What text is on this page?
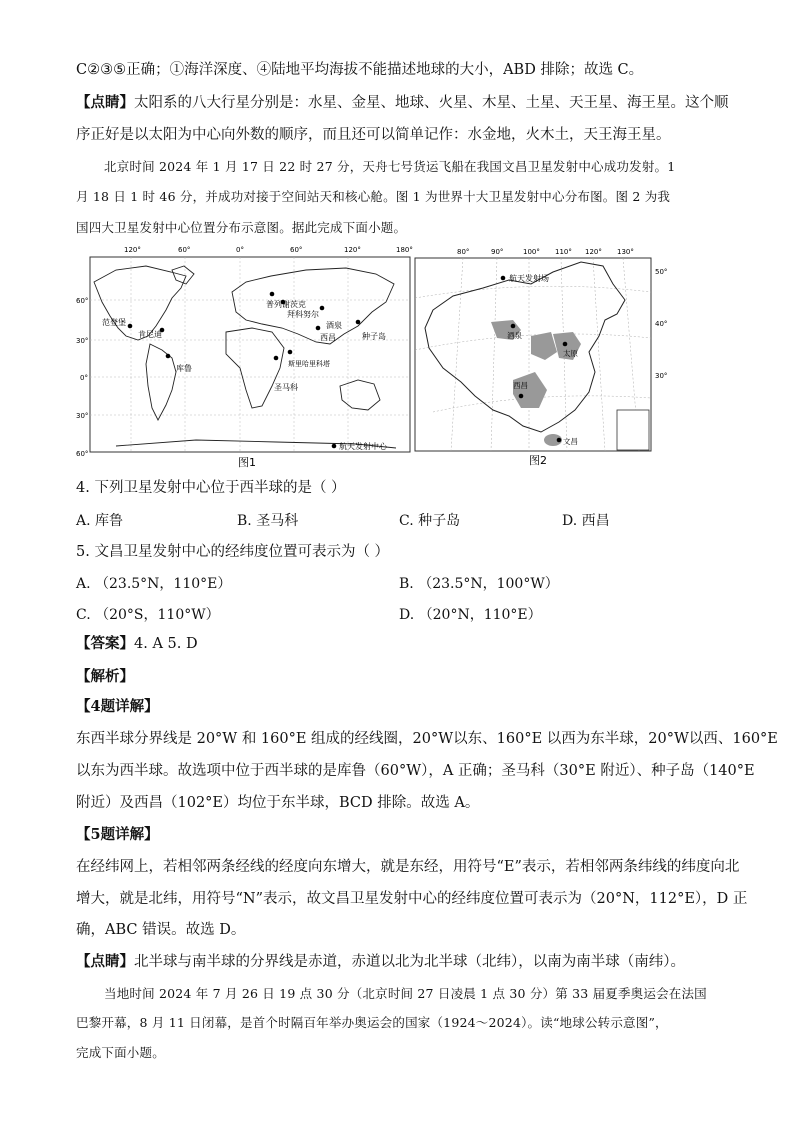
C②③⑤正确；①海洋深度、④陆地平均海拔不能描述地球的大小，ABD 排除；故选 C。
【点睛】太阳系的八大行星分别是：水星、金星、地球、火星、木星、土星、天王星、海王星。这个顺
序正好是以太阳为中心向外数的顺序，而且还可以简单记作：水金地，火木土，天王海王星。
北京时间 2024 年 1 月 17 日 22 时 27 分，天舟七号货运飞船在我国文昌卫星发射中心成功发射。1
月 18 日 1 时 46 分，并成功对接于空间站天和核心舱。图 1 为世界十大卫星发射中心分布图。图 2 为我
国四大卫星发射中心位置分布示意图。据此完成下面小题。
120°	60°	0°	60°	120°	180°
60°
30°
0°
30°
60°
范登堡
肯尼迪
库鲁
普列谢茨克
拜科努尔
圣马科
斯里哈里科塔
酒泉
西昌	种子岛
航天发射中心
图1
80°	90°	100° 110° 120° 130°
50°
40°
30°
酒泉
太原
西昌
文昌
航天发射场
图2
4. 下列卫星发射中心位于西半球的是（ ）
A. 库鲁	B. 圣马科	C. 种子岛	D. 西昌
5. 文昌卫星发射中心的经纬度位置可表示为（ ）
A. （23.5°N，110°E）	B. （23.5°N，100°W）
C. （20°S，110°W）	D. （20°N，110°E）
【答案】4. A 5. D
【解析】
【4题详解】
东西半球分界线是 20°W 和 160°E 组成的经线圈，20°W以东、160°E 以西为东半球，20°W以西、160°E
以东为西半球。故选项中位于西半球的是库鲁（60°W），A 正确；圣马科（30°E 附近）、种子岛（140°E
附近）及西昌（102°E）均位于东半球，BCD 排除。故选 A。
【5题详解】
在经纬网上，若相邻两条经线的经度向东增大，就是东经，用符号“E”表示，若相邻两条纬线的纬度向北
增大，就是北纬，用符号“N”表示，故文昌卫星发射中心的经纬度位置可表示为（20°N，112°E），D 正
确，ABC 错误。故选 D。
【点睛】北半球与南半球的分界线是赤道，赤道以北为北半球（北纬），以南为南半球（南纬）。
当地时间 2024 年 7 月 26 日 19 点 30 分（北京时间 27 日凌晨 1 点 30 分）第 33 届夏季奥运会在法国
巴黎开幕，8 月 11 日闭幕，是首个时隔百年举办奥运会的国家（1924～2024）。读“地球公转示意图”，
完成下面小题。
